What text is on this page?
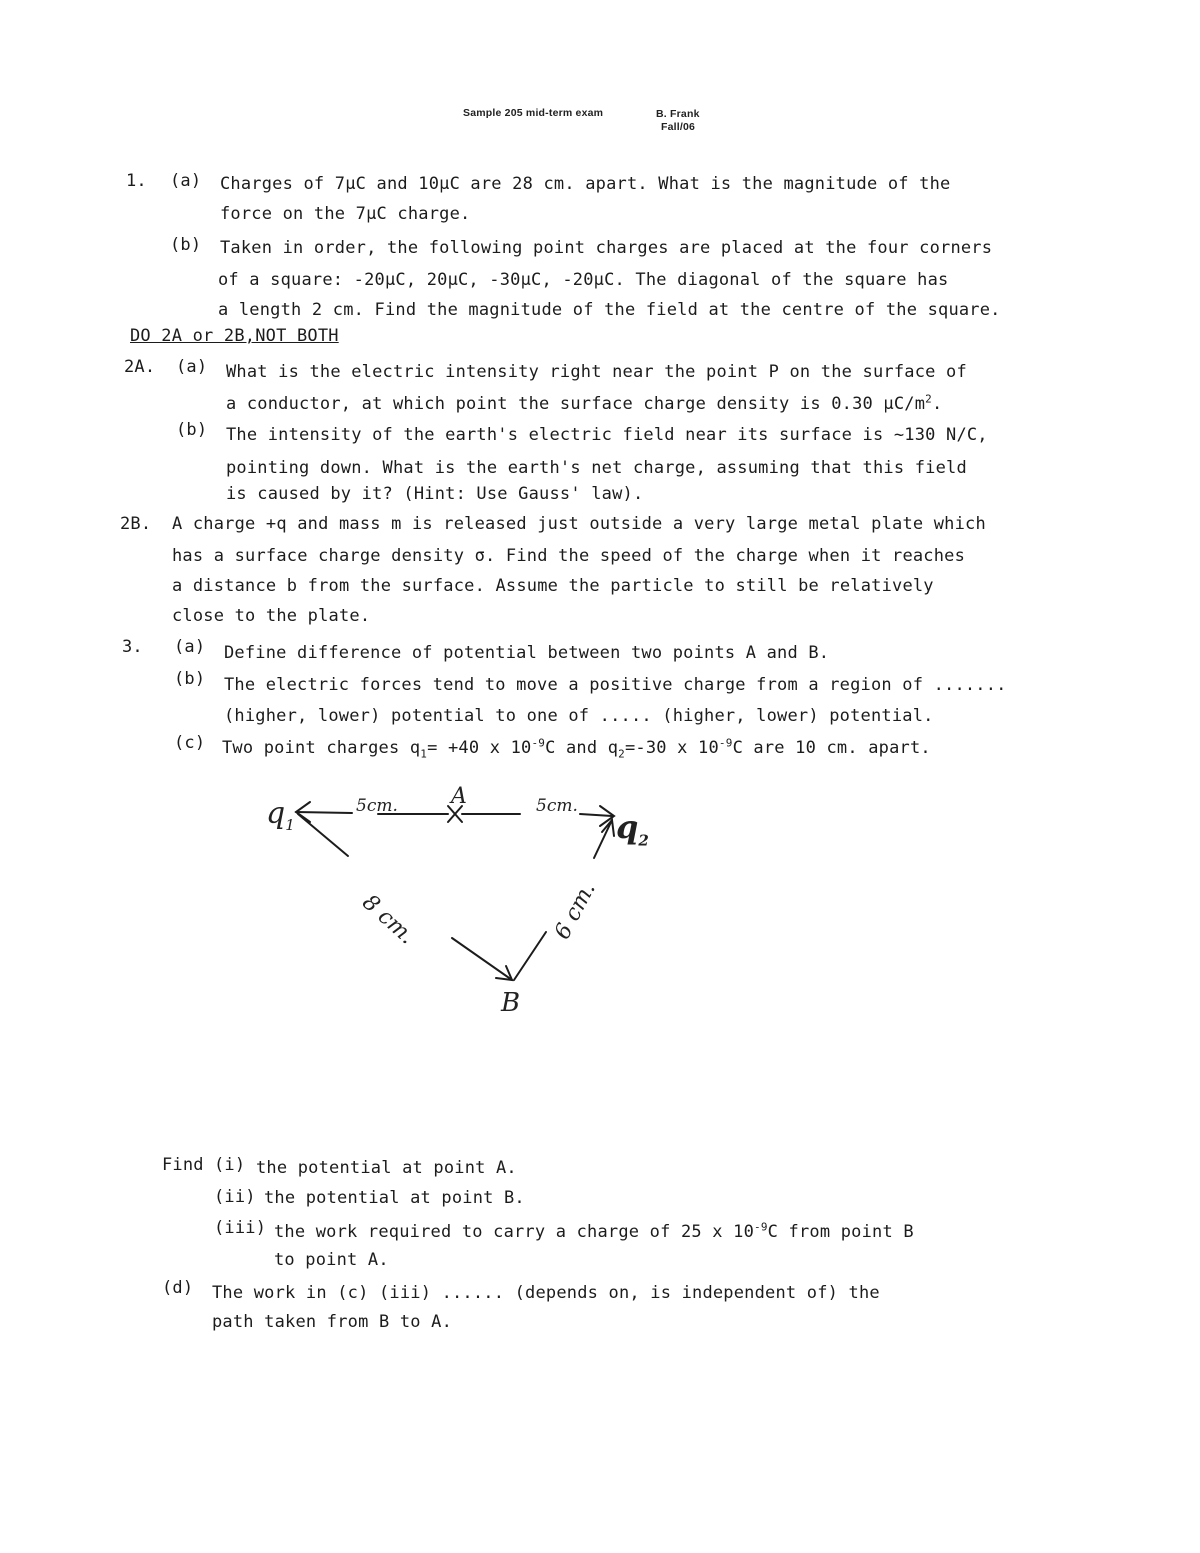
Sample 205 mid-term exam	B. Frank
Fall/06
1. (a) Charges of 7μC and 10μC are 28 cm. apart. What is the magnitude of the
force on the 7μC charge.
(b) Taken in order, the following point charges are placed at the four corners
of a square: -20μC, 20μC, -30μC, -20μC. The diagonal of the square has
a length 2 cm. Find the magnitude of the field at the centre of the square.
DO 2A or 2B,NOT BOTH
2A. (a) What is the electric intensity right near the point P on the surface of
a conductor, at which point the surface charge density is 0.30 $\mu C/m^2$.
(b) The intensity of the earth's electric field near its surface is ~130 N/C,
pointing down. What is the earth's net charge, assuming that this field
is caused by it? (Hint: Use Gauss' law).
2B. A charge +q and mass m is released just outside a very large metal plate which
has a surface charge density σ. Find the speed of the charge when it reaches
a distance b from the surface. Assume the particle to still be relatively
close to the plate.
3. (a) Define difference of potential between two points A and B.
(b) The electric forces tend to move a positive charge from a region of .......
(higher, lower) potential to one of ..... (higher, lower) potential.
(c) Two point charges $q_1= +40$ x $10^{-9}C$ and $q_2=-30$ x $10^{-9}C$ are 10 cm. apart.
$q_1$
5cm. A	5cm.
$q_2$
8 cm.	6 cm.
B
Find (i) the potential at point A.
(ii) the potential at point B.
(iii) the work required to carry a charge of 25 x $10^{-9}C$ from point B
to point A.
(d) The work in (c) (iii) ...... (depends on, is independent of) the
path taken from B to A.
